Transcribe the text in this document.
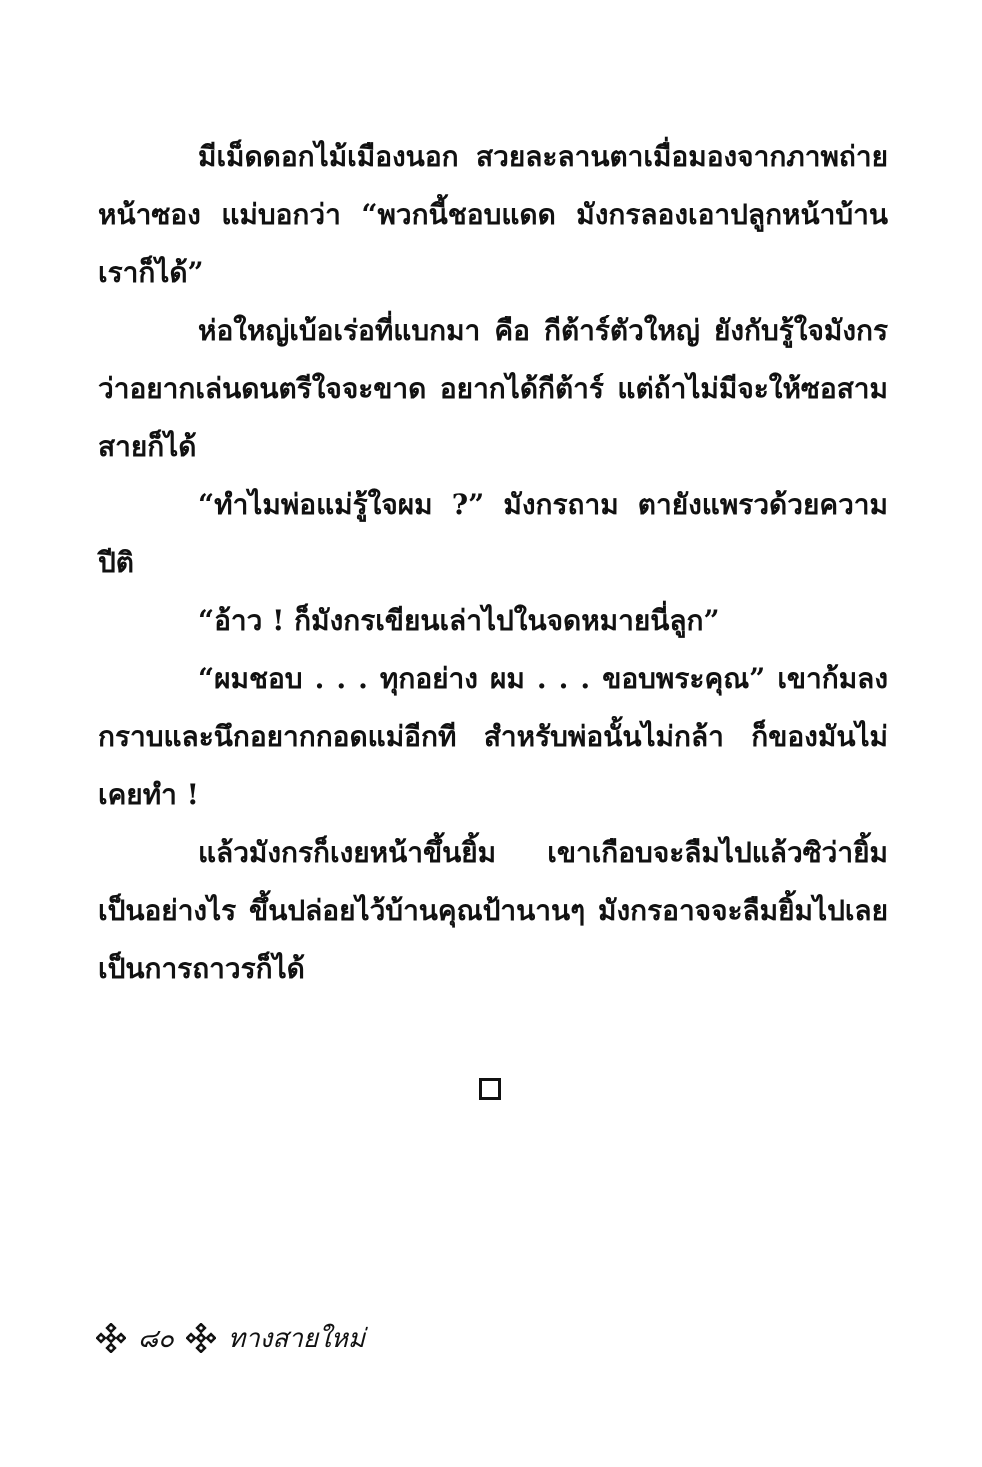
มีเม็ดดอกไม้เมืองนอก สวยละลานตาเมื่อมองจากภาพถ่ายหน้าซอง แม่บอกว่า “พวกนี้ชอบแดด มังกรลองเอาปลูกหน้าบ้านเราก็ได้”

ห่อใหญ่เบ้อเร่อที่แบกมา คือ กีต้าร์ตัวใหญ่ ยังกับรู้ใจมังกรว่าอยากเล่นดนตรีใจจะขาด อยากได้กีต้าร์ แต่ถ้าไม่มีจะให้ซอสามสายก็ได้

“ทำไมพ่อแม่รู้ใจผม ?” มังกรถาม ตายังแพรวด้วยความปีติ

“อ้าว ! ก็มังกรเขียนเล่าไปในจดหมายนี่ลูก”

“ผมชอบ . . . ทุกอย่าง ผม . . . ขอบพระคุณ” เขาก้มลงกราบและนึกอยากกอดแม่อีกที สำหรับพ่อนั้นไม่กล้า ก็ของมันไม่เคยทำ !

แล้วมังกรก็เงยหน้าขึ้นยิ้ม เขาเกือบจะลืมไปแล้วซิว่ายิ้มเป็นอย่างไร ขึ้นปล่อยไว้บ้านคุณป้านานๆ มังกรอาจจะลืมยิ้มไปเลยเป็นการถาวรก็ได้

๘๐ ทางสายใหม่
